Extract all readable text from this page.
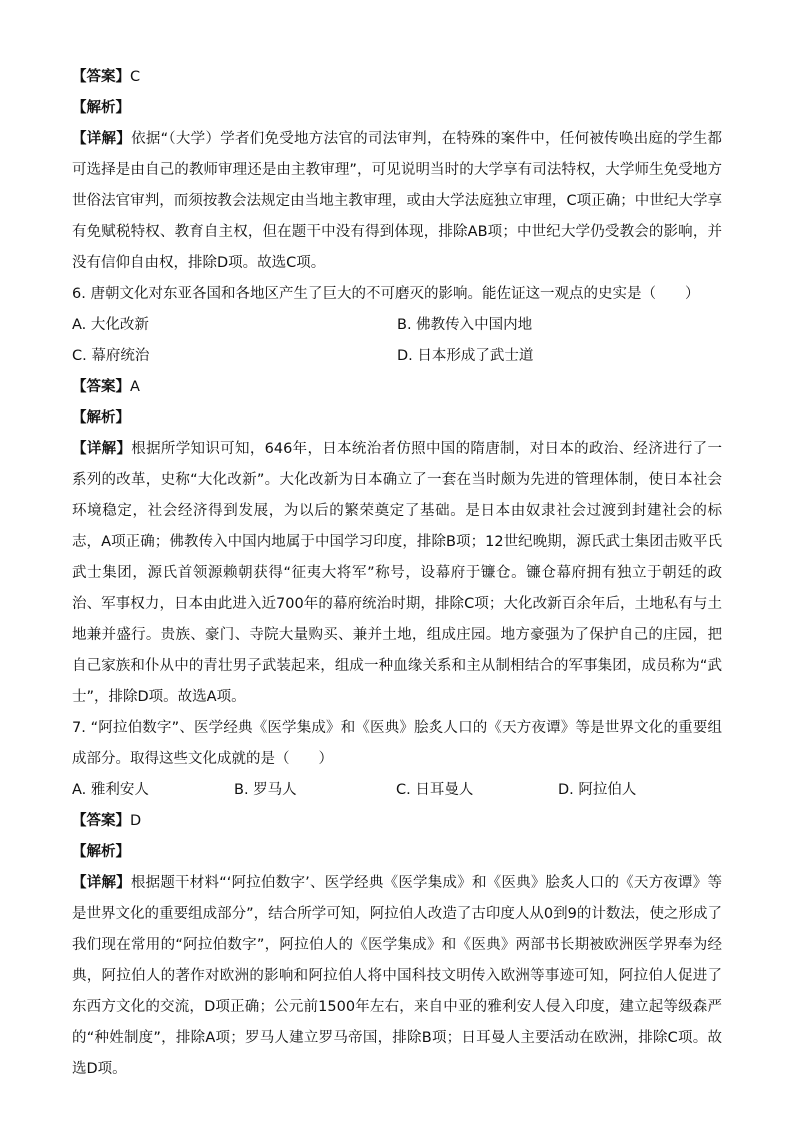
【答案】C
【解析】
【详解】依据“（大学）学者们免受地方法官的司法审判，在特殊的案件中，任何被传唤出庭的学生都可选择是由自己的教师审理还是由主教审理”，可见说明当时的大学享有司法特权，大学师生免受地方世俗法官审判，而须按教会法规定由当地主教审理，或由大学法庭独立审理，C项正确；中世纪大学享有免赋税特权、教育自主权，但在题干中没有得到体现，排除AB项；中世纪大学仍受教会的影响，并没有信仰自由权，排除D项。故选C项。
6. 唐朝文化对东亚各国和各地区产生了巨大的不可磨灭的影响。能佐证这一观点的史实是（　　）
A. 大化改新	B. 佛教传入中国内地
C. 幕府统治	D. 日本形成了武士道
【答案】A
【解析】
【详解】根据所学知识可知，646年，日本统治者仿照中国的隋唐制，对日本的政治、经济进行了一系列的改革，史称“大化改新”。大化改新为日本确立了一套在当时颇为先进的管理体制，使日本社会环境稳定，社会经济得到发展，为以后的繁荣奠定了基础。是日本由奴隶社会过渡到封建社会的标志，A项正确；佛教传入中国内地属于中国学习印度，排除B项；12世纪晚期，源氏武士集团击败平氏武士集团，源氏首领源赖朝获得“征夷大将军”称号，设幕府于镰仓。镰仓幕府拥有独立于朝廷的政治、军事权力，日本由此进入近700年的幕府统治时期，排除C项；大化改新百余年后，土地私有与土地兼并盛行。贵族、豪门、寺院大量购买、兼并土地，组成庄园。地方豪强为了保护自己的庄园，把自己家族和仆从中的青壮男子武装起来，组成一种血缘关系和主从制相结合的军事集团，成员称为“武士”，排除D项。故选A项。
7. “阿拉伯数字”、医学经典《医学集成》和《医典》脍炙人口的《天方夜谭》等是世界文化的重要组成部分。取得这些文化成就的是（　　）
A. 雅利安人	B. 罗马人	C. 日耳曼人	D. 阿拉伯人
【答案】D
【解析】
【详解】根据题干材料“‘阿拉伯数字’、医学经典《医学集成》和《医典》脍炙人口的《天方夜谭》等是世界文化的重要组成部分”，结合所学可知，阿拉伯人改造了古印度人从0到9的计数法，使之形成了我们现在常用的“阿拉伯数字”，阿拉伯人的《医学集成》和《医典》两部书长期被欧洲医学界奉为经典，阿拉伯人的著作对欧洲的影响和阿拉伯人将中国科技文明传入欧洲等事迹可知，阿拉伯人促进了东西方文化的交流，D项正确；公元前1500年左右，来自中亚的雅利安人侵入印度，建立起等级森严的“种姓制度”，排除A项；罗马人建立罗马帝国，排除B项；日耳曼人主要活动在欧洲，排除C项。故选D项。
